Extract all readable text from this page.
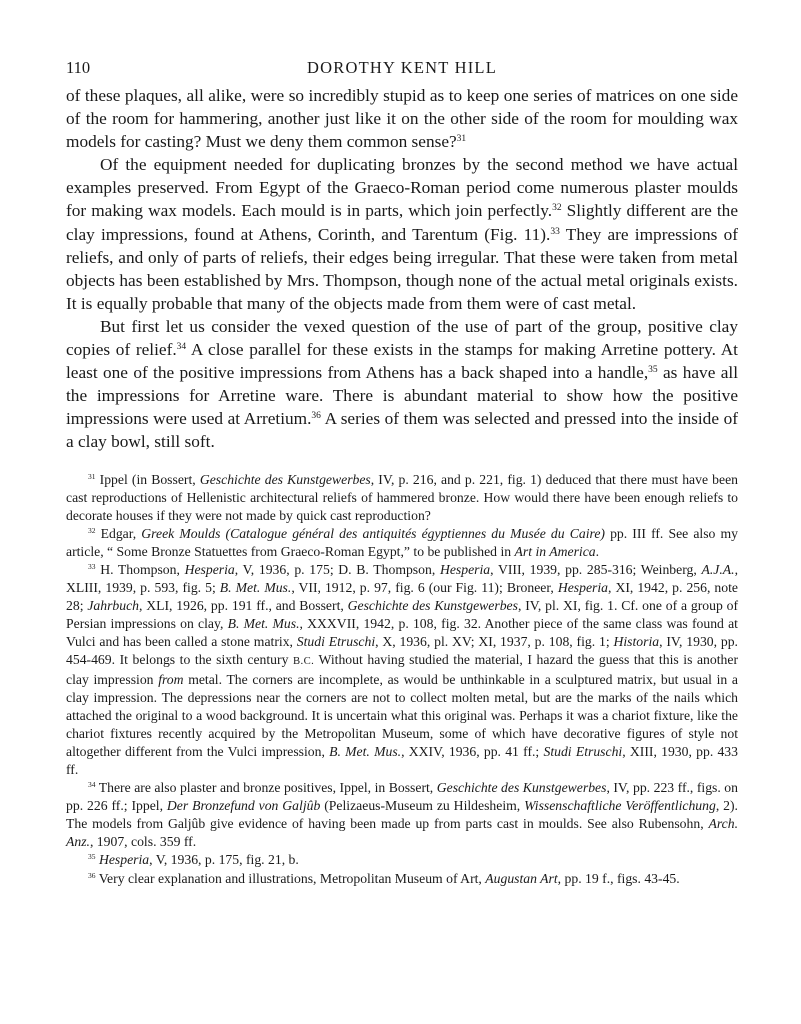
DOROTHY KENT HILL
110

of these plaques, all alike, were so incredibly stupid as to keep one series of matrices on one side of the room for hammering, another just like it on the other side of the room for moulding wax models for casting? Must we deny them common sense?$^{31}$

Of the equipment needed for duplicating bronzes by the second method we have actual examples preserved. From Egypt of the Graeco-Roman period come numerous plaster moulds for making wax models. Each mould is in parts, which join perfectly.$^{32}$ Slightly different are the clay impressions, found at Athens, Corinth, and Tarentum (Fig. 11).$^{33}$ They are impressions of reliefs, and only of parts of reliefs, their edges being irregular. That these were taken from metal objects has been established by Mrs. Thompson, though none of the actual metal originals exists. It is equally probable that many of the objects made from them were of cast metal.

But first let us consider the vexed question of the use of part of the group, positive clay copies of relief.$^{34}$ A close parallel for these exists in the stamps for making Arretine pottery. At least one of the positive impressions from Athens has a back shaped into a handle,$^{35}$ as have all the impressions for Arretine ware. There is abundant material to show how the positive impressions were used at Arretium.$^{36}$ A series of them was selected and pressed into the inside of a clay bowl, still soft.

$^{31}$ Ippel (in Bossert, Geschichte des Kunstgewerbes, IV, p. 216, and p. 221, fig. 1) deduced that there must have been cast reproductions of Hellenistic architectural reliefs of hammered bronze. How would there have been enough reliefs to decorate houses if they were not made by quick cast reproduction?

$^{32}$ Edgar, Greek Moulds (Catalogue général des antiquités égyptiennes du Musée du Caire) pp. III ff. See also my article, “ Some Bronze Statuettes from Graeco-Roman Egypt,” to be published in Art in America.

$^{33}$ H. Thompson, Hesperia, V, 1936, p. 175; D. B. Thompson, Hesperia, VIII, 1939, pp. 285-316; Weinberg, A.J.A., XLIII, 1939, p. 593, fig. 5; B. Met. Mus., VII, 1912, p. 97, fig. 6 (our Fig. 11); Broneer, Hesperia, XI, 1942, p. 256, note 28; Jahrbuch, XLI, 1926, pp. 191 ff., and Bossert, Geschichte des Kunstgewerbes, IV, pl. XI, fig. 1. Cf. one of a group of Persian impressions on clay, B. Met. Mus., XXXVII, 1942, p. 108, fig. 32. Another piece of the same class was found at Vulci and has been called a stone matrix, Studi Etruschi, X, 1936, pl. XV; XI, 1937, p. 108, fig. 1; Historia, IV, 1930, pp. 454-469. It belongs to the sixth century B.C. Without having studied the material, I hazard the guess that this is another clay impression from metal. The corners are incomplete, as would be unthinkable in a sculptured matrix, but usual in a clay impression. The depressions near the corners are not to collect molten metal, but are the marks of the nails which attached the original to a wood background. It is uncertain what this original was. Perhaps it was a chariot fixture, like the chariot fixtures recently acquired by the Metropolitan Museum, some of which have decorative figures of style not altogether different from the Vulci impression, B. Met. Mus., XXIV, 1936, pp. 41 ff.; Studi Etruschi, XIII, 1930, pp. 433 ff.

$^{34}$ There are also plaster and bronze positives, Ippel, in Bossert, Geschichte des Kunstgewerbes, IV, pp. 223 ff., figs. on pp. 226 ff.; Ippel, Der Bronzefund von Galjûb (Pelizaeus-Museum zu Hildesheim, Wissenschaftliche Veröffentlichung, 2). The models from Galjûb give evidence of having been made up from parts cast in moulds. See also Rubensohn, Arch. Anz., 1907, cols. 359 ff.

$^{35}$ Hesperia, V, 1936, p. 175, fig. 21, b.

$^{36}$ Very clear explanation and illustrations, Metropolitan Museum of Art, Augustan Art, pp. 19 f., figs. 43-45.
